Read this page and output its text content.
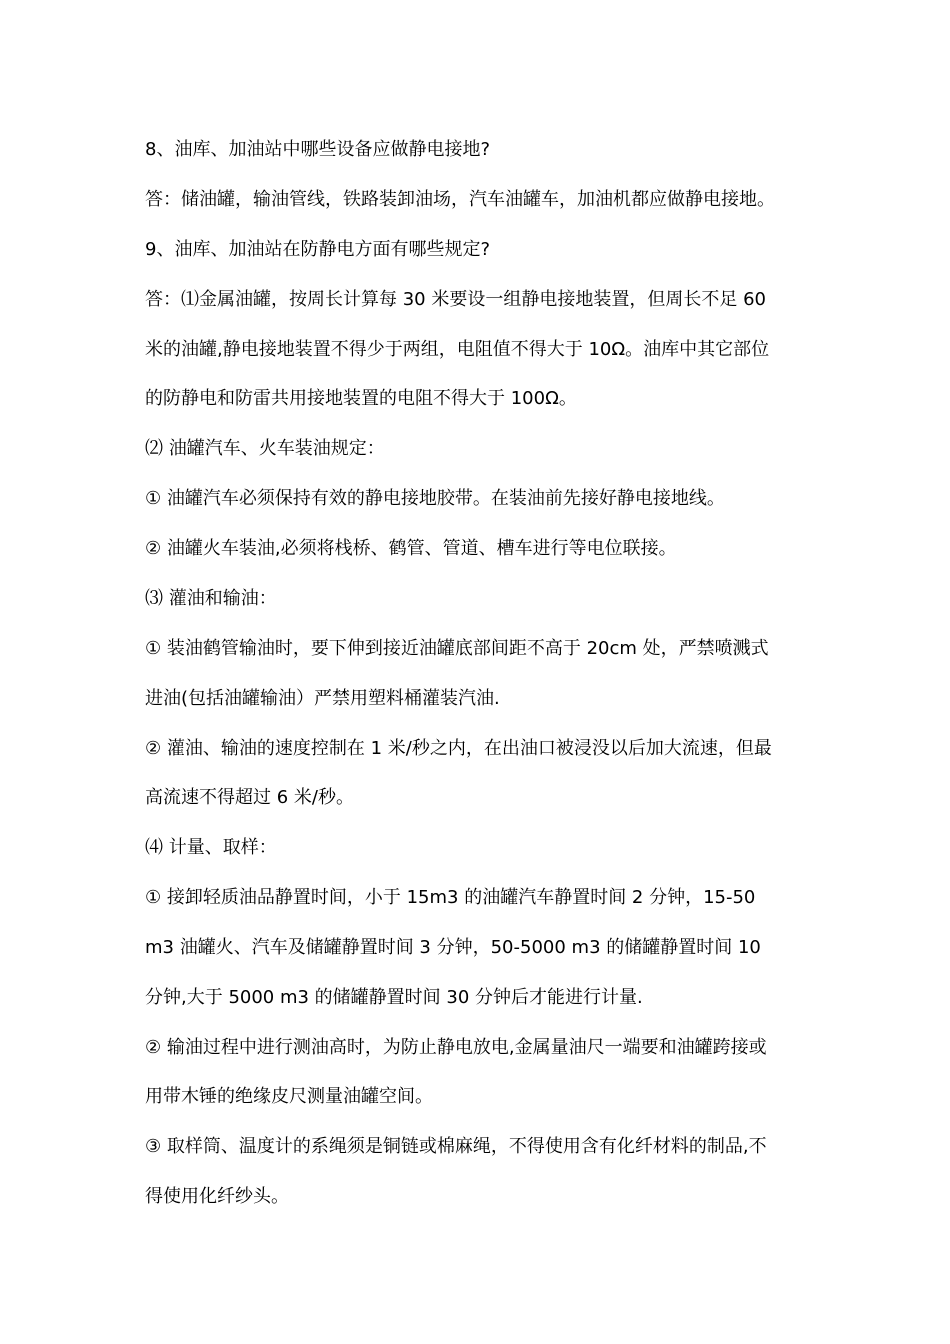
8、油库、加油站中哪些设备应做静电接地?
答：储油罐，输油管线，铁路装卸油场，汽车油罐车，加油机都应做静电接地。
9、油库、加油站在防静电方面有哪些规定?
答：⑴金属油罐，按周长计算每 30 米要设一组静电接地装置，但周长不足 60
米的油罐,静电接地装置不得少于两组，电阻值不得大于 10Ω。油库中其它部位
的防静电和防雷共用接地装置的电阻不得大于 100Ω。
⑵ 油罐汽车、火车装油规定：
① 油罐汽车必须保持有效的静电接地胶带。在装油前先接好静电接地线。
② 油罐火车装油,必须将栈桥、鹤管、管道、槽车进行等电位联接。
⑶ 灌油和输油：
① 装油鹤管输油时，要下伸到接近油罐底部间距不高于 20cm 处，严禁喷溅式
进油(包括油罐输油）严禁用塑料桶灌装汽油.
② 灌油、输油的速度控制在 1 米/秒之内，在出油口被浸没以后加大流速，但最
高流速不得超过 6 米/秒。
⑷ 计量、取样：
① 接卸轻质油品静置时间，小于 15m3 的油罐汽车静置时间 2 分钟，15-50
m3 油罐火、汽车及储罐静置时间 3 分钟，50-5000 m3 的储罐静置时间 10
分钟,大于 5000 m3 的储罐静置时间 30 分钟后才能进行计量.
② 输油过程中进行测油高时，为防止静电放电,金属量油尺一端要和油罐跨接或
用带木锤的绝缘皮尺测量油罐空间。
③ 取样筒、温度计的系绳须是铜链或棉麻绳，不得使用含有化纤材料的制品,不
得使用化纤纱头。
